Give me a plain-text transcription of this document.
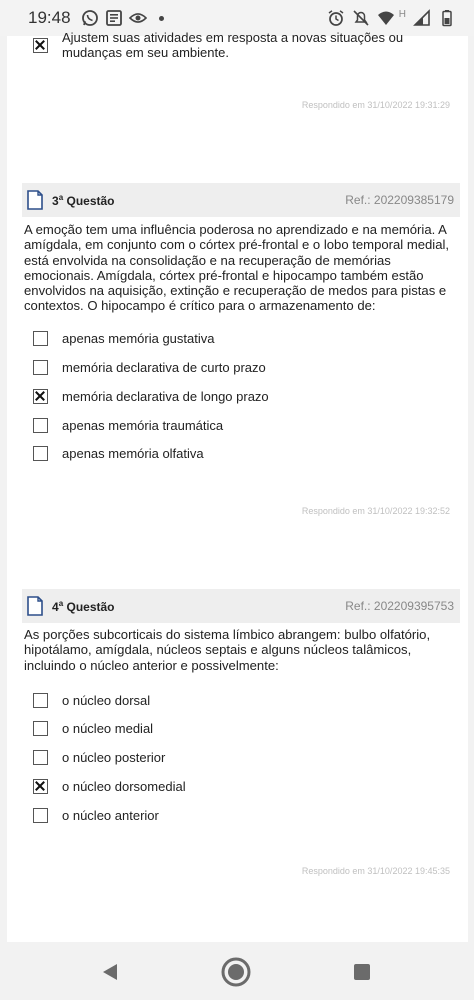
19:48	H
Ajustem suas atividades em resposta a novas situações ou mudanças em seu ambiente.
Respondido em 31/10/2022 19:31:29
3$^a$ Questão	Ref.: 202209385179
A emoção tem uma influência poderosa no aprendizado e na memória. A amígdala, em conjunto com o córtex pré-frontal e o lobo temporal medial, está envolvida na consolidação e na recuperação de memórias emocionais. Amígdala, córtex pré-frontal e hipocampo também estão envolvidos na aquisição, extinção e recuperação de medos para pistas e contextos. O hipocampo é crítico para o armazenamento de:
apenas memória gustativa
memória declarativa de curto prazo
memória declarativa de longo prazo
apenas memória traumática
apenas memória olfativa
Respondido em 31/10/2022 19:32:52
4$^a$ Questão	Ref.: 202209395753
As porções subcorticais do sistema límbico abrangem: bulbo olfatório, hipotálamo, amígdala, núcleos septais e alguns núcleos talâmicos, incluindo o núcleo anterior e possivelmente:
o núcleo dorsal
o núcleo medial
o núcleo posterior
o núcleo dorsomedial
o núcleo anterior
Respondido em 31/10/2022 19:45:35
